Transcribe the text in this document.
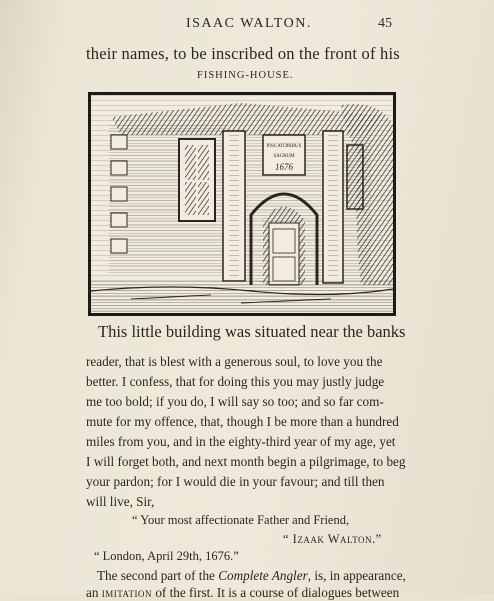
ISAAC WALTON.	45
their names, to be inscribed on the front of his
FISHING-HOUSE.
PISCATORIBUS
SACRUM
1676
This little building was situated near the banks
reader, that is blest with a generous soul, to love you the
better. I confess, that for doing this you may justly judge
me too bold; if you do, I will say so too; and so far com-
mute for my offence, that, though I be more than a hundred
miles from you, and in the eighty-third year of my age, yet
I will forget both, and next month begin a pilgrimage, to beg
your pardon; for I would die in your favour; and till then
will live, Sir,
“ Your most affectionate Father and Friend,
“ Izaak Walton.”
“ London, April 29th, 1676.”
The second part of the Complete Angler, is, in appearance,
an imitation of the first. It is a course of dialogues between
